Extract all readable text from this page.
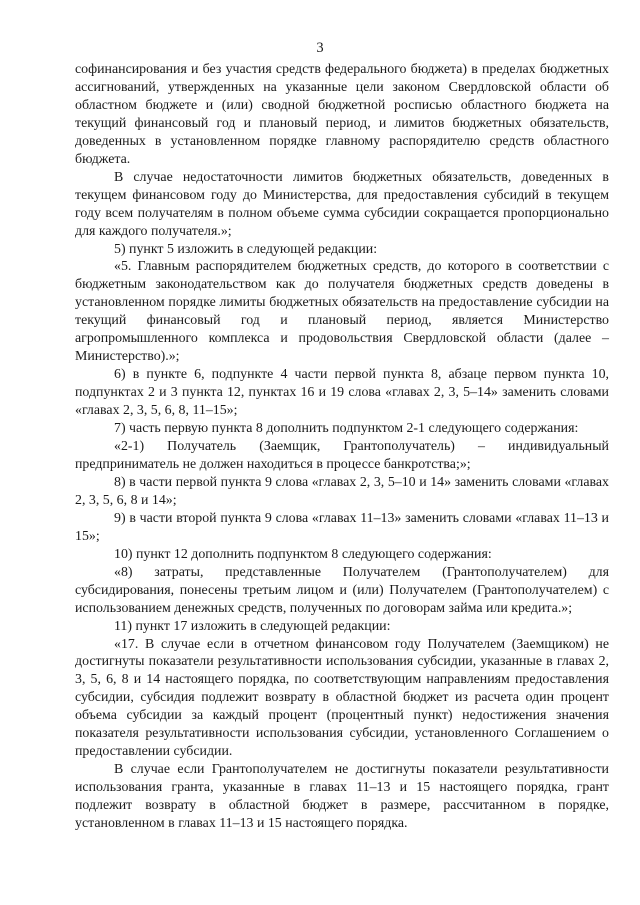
3

софинансирования и без участия средств федерального бюджета) в пределах бюджетных ассигнований, утвержденных на указанные цели законом Свердловской области об областном бюджете и (или) сводной бюджетной росписью областного бюджета на текущий финансовый год и плановый период, и лимитов бюджетных обязательств, доведенных в установленном порядке главному распорядителю средств областного бюджета.

В случае недостаточности лимитов бюджетных обязательств, доведенных в текущем финансовом году до Министерства, для предоставления субсидий в текущем году всем получателям в полном объеме сумма субсидии сокращается пропорционально для каждого получателя.»;

5) пункт 5 изложить в следующей редакции:

«5. Главным распорядителем бюджетных средств, до которого в соответствии с бюджетным законодательством как до получателя бюджетных средств доведены в установленном порядке лимиты бюджетных обязательств на предоставление субсидии на текущий финансовый год и плановый период, является Министерство агропромышленного комплекса и продовольствия Свердловской области (далее – Министерство).»;

6) в пункте 6, подпункте 4 части первой пункта 8, абзаце первом пункта 10, подпунктах 2 и 3 пункта 12, пунктах 16 и 19 слова «главах 2, 3, 5–14» заменить словами «главах 2, 3, 5, 6, 8, 11–15»;

7) часть первую пункта 8 дополнить подпунктом 2-1 следующего содержания:

«2-1) Получатель (Заемщик, Грантополучатель) – индивидуальный предприниматель не должен находиться в процессе банкротства;»;

8) в части первой пункта 9 слова «главах 2, 3, 5–10 и 14» заменить словами «главах 2, 3, 5, 6, 8 и 14»;

9) в части второй пункта 9 слова «главах 11–13» заменить словами «главах 11–13 и 15»;

10) пункт 12 дополнить подпунктом 8 следующего содержания:

«8) затраты, представленные Получателем (Грантополучателем) для субсидирования, понесены третьим лицом и (или) Получателем (Грантополучателем) с использованием денежных средств, полученных по договорам займа или кредита.»;

11) пункт 17 изложить в следующей редакции:

«17. В случае если в отчетном финансовом году Получателем (Заемщиком) не достигнуты показатели результативности использования субсидии, указанные в главах 2, 3, 5, 6, 8 и 14 настоящего порядка, по соответствующим направлениям предоставления субсидии, субсидия подлежит возврату в областной бюджет из расчета один процент объема субсидии за каждый процент (процентный пункт) недостижения значения показателя результативности использования субсидии, установленного Соглашением о предоставлении субсидии.

В случае если Грантополучателем не достигнуты показатели результативности использования гранта, указанные в главах 11–13 и 15 настоящего порядка, грант подлежит возврату в областной бюджет в размере, рассчитанном в порядке, установленном в главах 11–13 и 15 настоящего порядка.
